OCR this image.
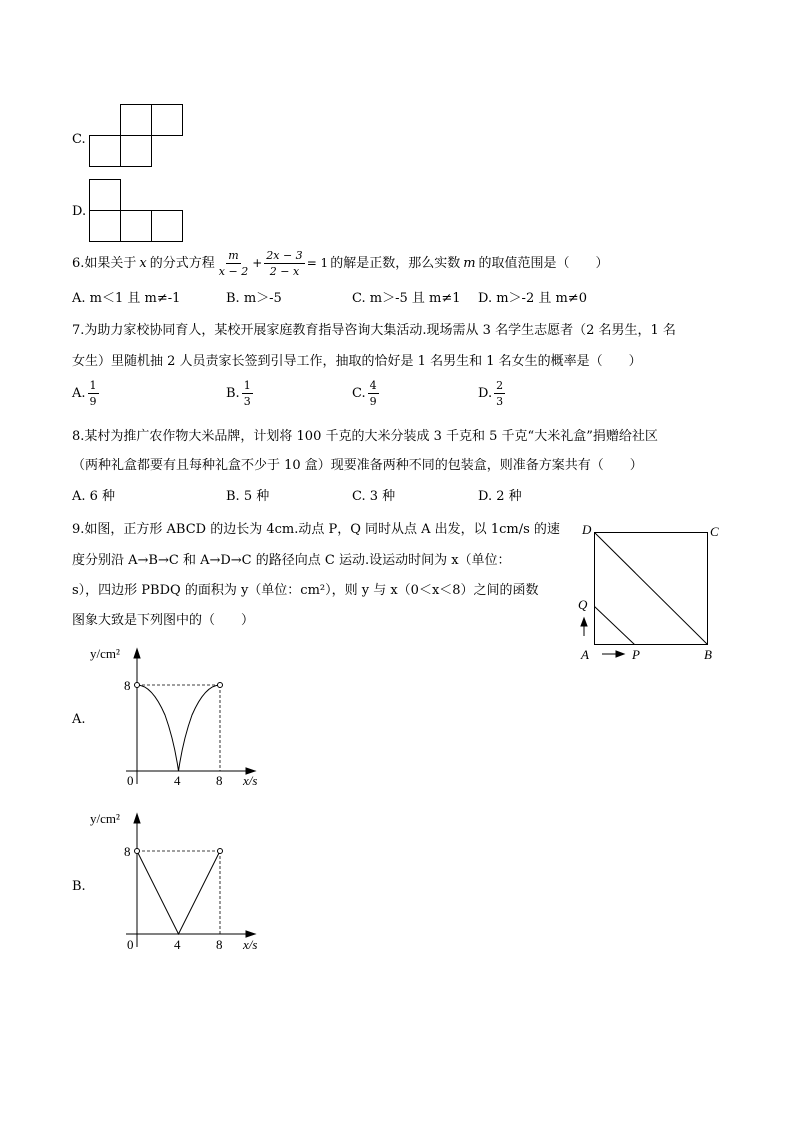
C.
D.
6. 如果关于 x 的分式方程 $\frac{m}{x - 2} + \frac{2x - 3}{2 - x} = 1$ 的解是正数，那么实数 m 的取值范围是（　　）
A. m＜1 且 m≠-1	B. m＞-5	C. m＞-5 且 m≠1 D. m＞-2 且 m≠0
7.为助力家校协同育人，某校开展家庭教育指导咨询大集活动.现场需从 3 名学生志愿者（2 名男生，1 名
女生）里随机抽 2 人员责家长签到引导工作，抽取的恰好是 1 名男生和 1 名女生的概率是（　　）
A. $\frac{1}{9}$	B. $\frac{1}{3}$	C. $\frac{4}{9}$	D. $\frac{2}{3}$
8.某村为推广农作物大米品牌，计划将 100 千克的大米分装成 3 千克和 5 千克“大米礼盒”捐赠给社区
（两种礼盒都要有且每种礼盒不少于 10 盒）现要准备两种不同的包装盒，则准备方案共有（　　）
A. 6 种	B. 5 种	C. 3 种	D. 2 种
9.如图，正方形 ABCD 的边长为 4cm.动点 P，Q 同时从点 A 出发，以 1cm/s 的速
度分别沿 A→B→C 和 A→D→C 的路径向点 C 运动.设运动时间为 x（单位：
s），四边形 PBDQ 的面积为 y（单位：cm²），则 y 与 x（0＜x＜8）之间的函数
图象大致是下列图中的（　　）
D	C
Q
A	P	B
A.
y/cm²
8
0	4	8 x/s
B.
y/cm²
8
0	4	8 x/s
